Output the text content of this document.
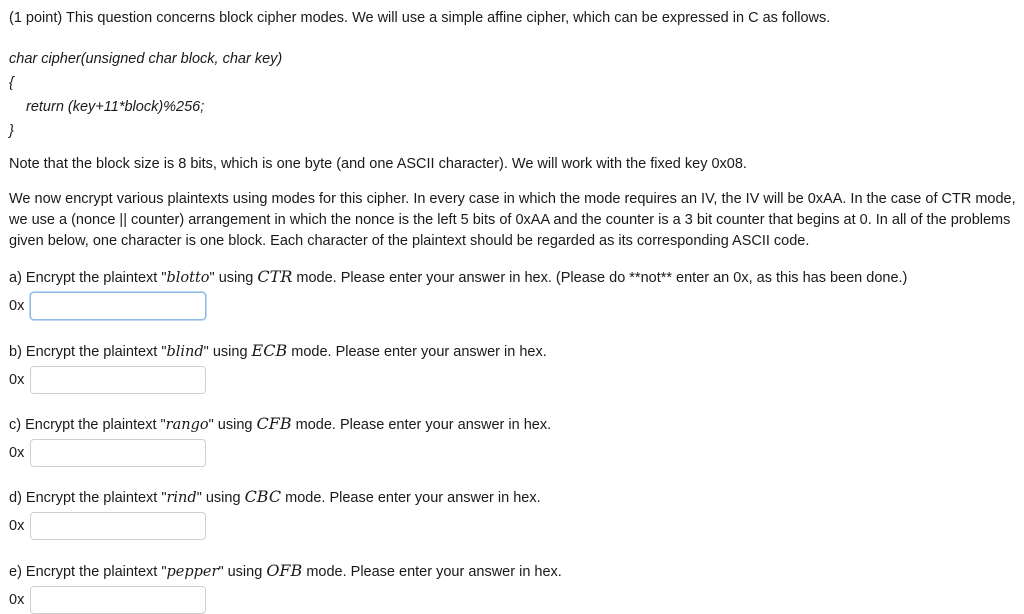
(1 point) This question concerns block cipher modes. We will use a simple affine cipher, which can be expressed in C as follows.

char cipher(unsigned char block, char key)

{

return (key+11*block)%256;

}

Note that the block size is 8 bits, which is one byte (and one ASCII character). We will work with the fixed key 0x08.

We now encrypt various plaintexts using modes for this cipher. In every case in which the mode requires an IV, the IV will be 0xAA. In the case of CTR mode, we use a (nonce || counter) arrangement in which the nonce is the left 5 bits of 0xAA and the counter is a 3 bit counter that begins at 0. In all of the problems given below, one character is one block. Each character of the plaintext should be regarded as its corresponding ASCII code.

a) Encrypt the plaintext "blotto" using CTR mode. Please enter your answer in hex. (Please do **not** enter an 0x, as this has been done.)

0x

b) Encrypt the plaintext "blind" using ECB mode. Please enter your answer in hex.

0x

c) Encrypt the plaintext "rango" using CFB mode. Please enter your answer in hex.

0x

d) Encrypt the plaintext "rind" using CBC mode. Please enter your answer in hex.

0x

e) Encrypt the plaintext "pepper" using OFB mode. Please enter your answer in hex.

0x
